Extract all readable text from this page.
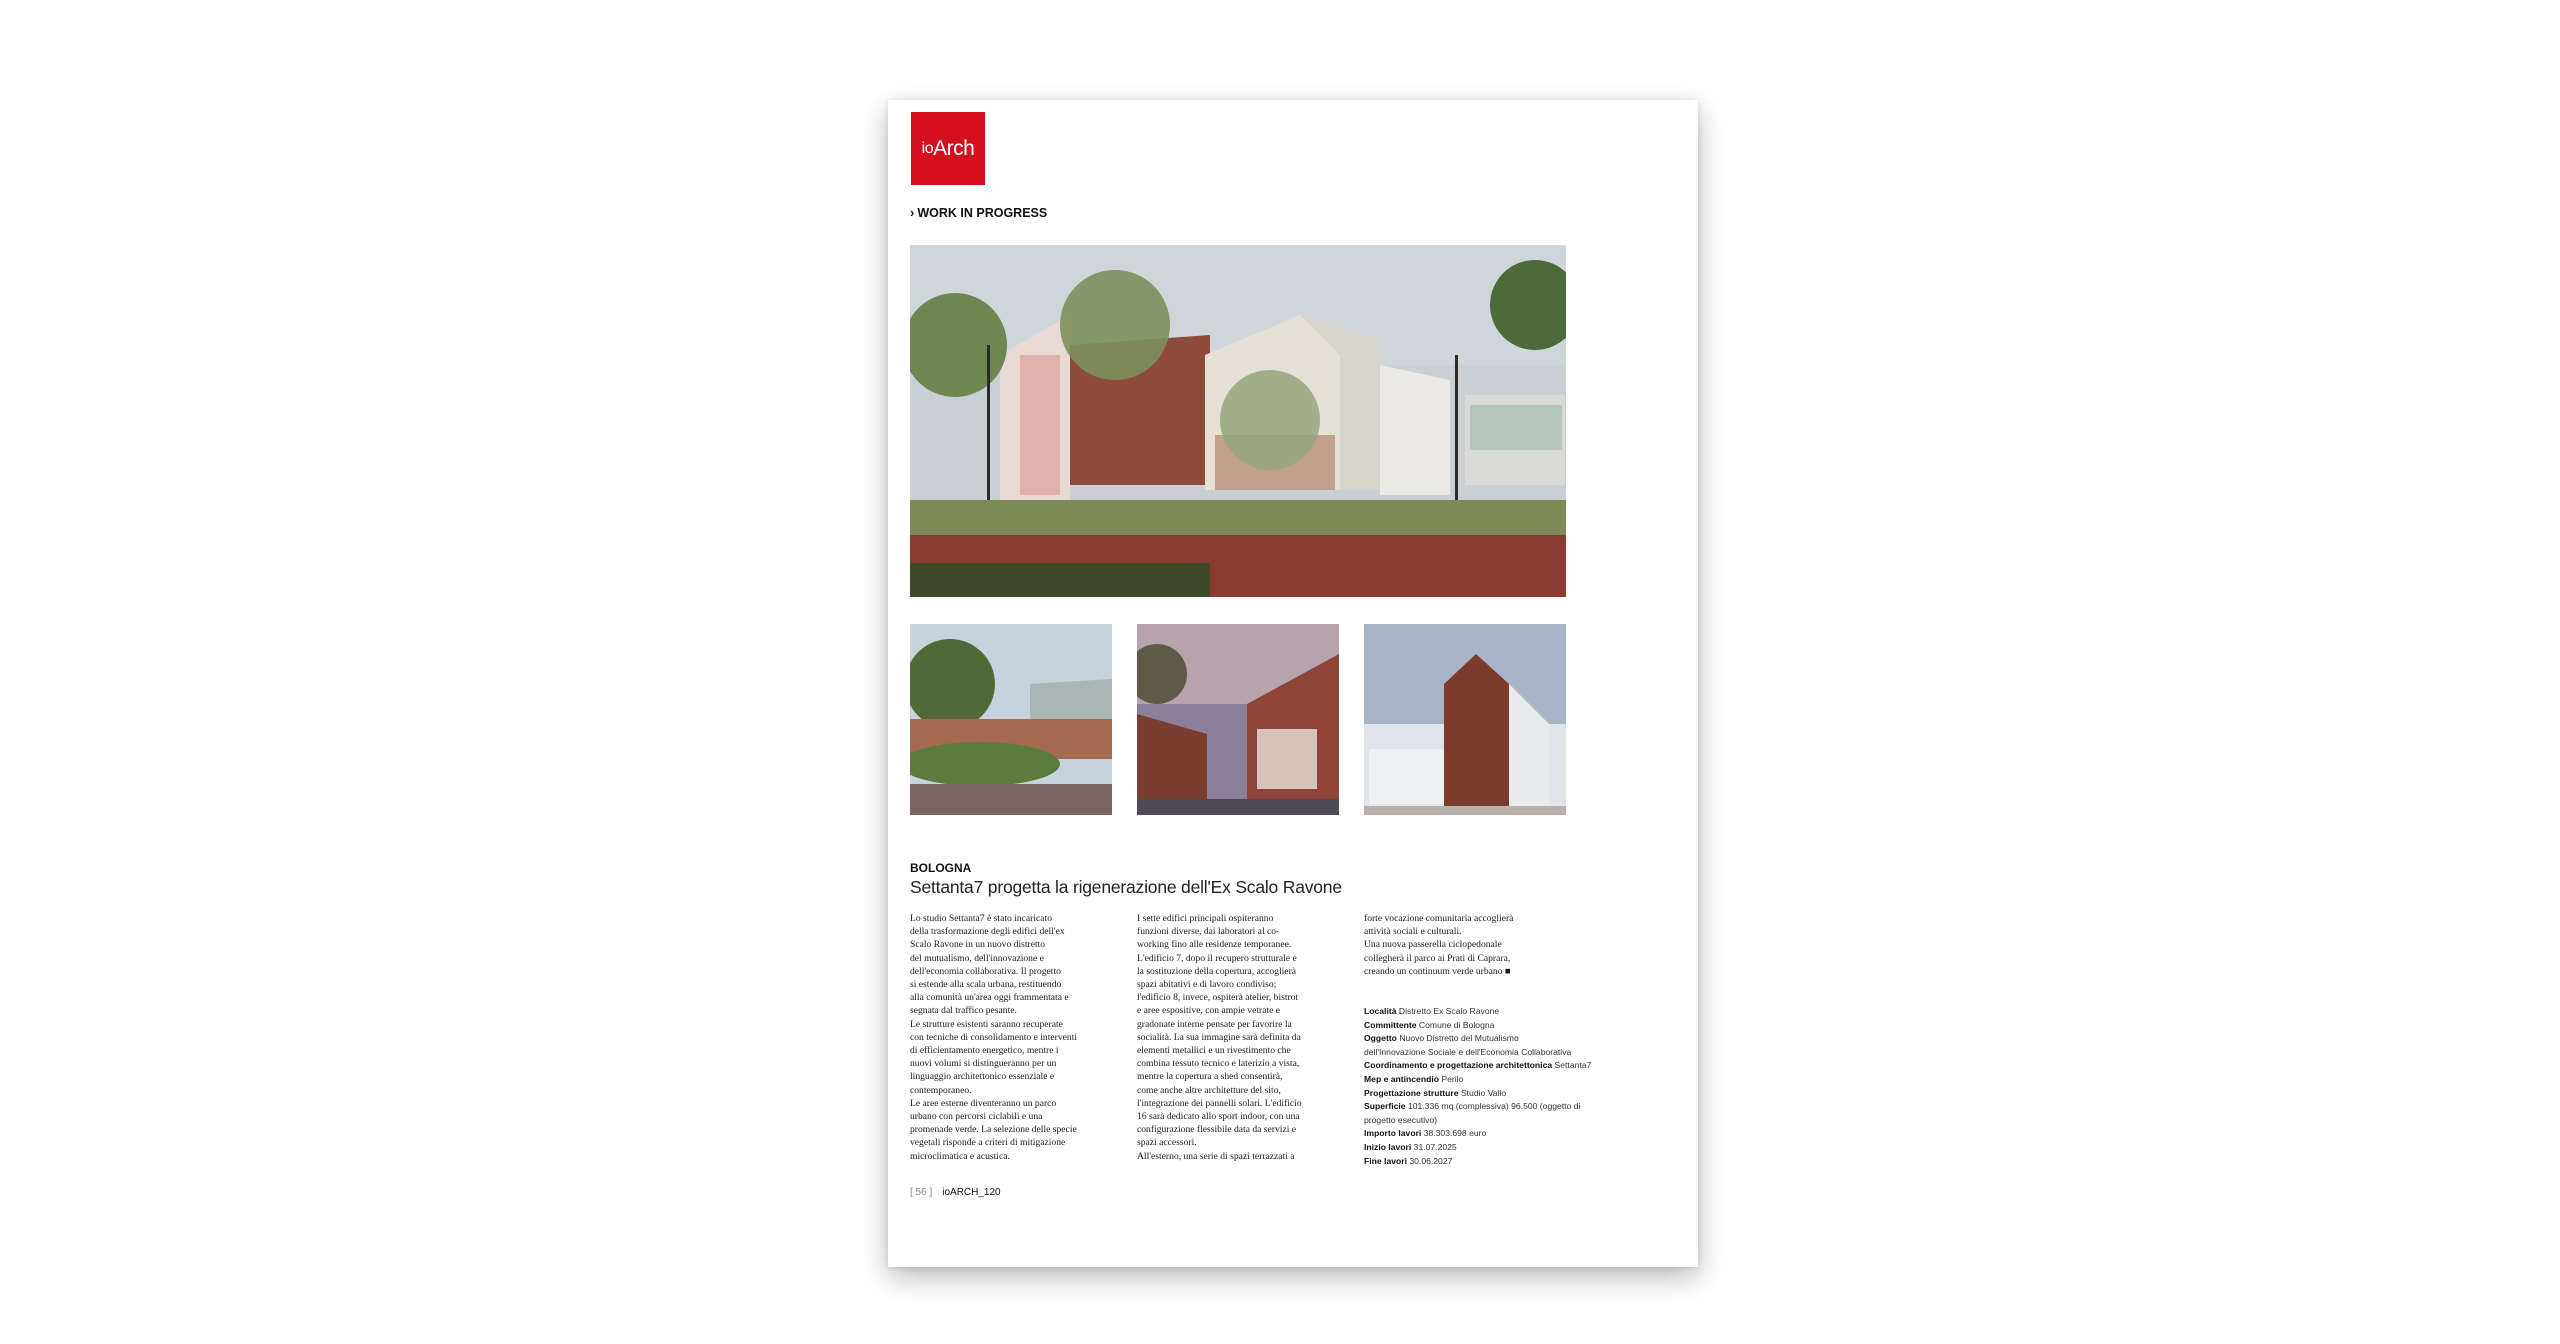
io Arch
› WORK IN PROGRESS
BOLOGNA
Settanta7 progetta la rigenerazione dell'Ex Scalo Ravone
Lo studio Settanta7 è stato incaricato
della trasformazione degli edifici dell'ex
Scalo Ravone in un nuovo distretto
del mutualismo, dell'innovazione e
dell'economia collaborativa. Il progetto
si estende alla scala urbana, restituendo
alla comunità un'area oggi frammentata e
segnata dal traffico pesante.
Le strutture esistenti saranno recuperate
con tecniche di consolidamento e interventi
di efficientamento energetico, mentre i
nuovi volumi si distingueranno per un
linguaggio architettonico essenziale e
contemporaneo.
Le aree esterne diventeranno un parco
urbano con percorsi ciclabili e una
promenade verde. La selezione delle specie
vegetali risponde a criteri di mitigazione
microclimatica e acustica.
I sette edifici principali ospiteranno
funzioni diverse, dai laboratori al co-
working fino alle residenze temporanee.
L'edificio 7, dopo il recupero strutturale e
la sostituzione della copertura, accoglierà
spazi abitativi e di lavoro condiviso;
l'edificio 8, invece, ospiterà atelier, bistrot
e aree espositive, con ampie vetrate e
gradonate interne pensate per favorire la
socialità. La sua immagine sarà definita da
elementi metallici e un rivestimento che
combina tessuto tecnico e laterizio a vista,
mentre la copertura a shed consentirà,
come anche altre architetture del sito,
l'integrazione dei pannelli solari. L'edificio
16 sarà dedicato allo sport indoor, con una
configurazione flessibile data da servizi e
spazi accessori.
All'esterno, una serie di spazi terrazzati a
forte vocazione comunitaria accoglierà
attività sociali e culturali.
Una nuova passerella ciclopedonale
collegherà il parco ai Prati di Caprara,
creando un continuum verde urbano ■
Località Distretto Ex Scalo Ravone
Committente Comune di Bologna
Oggetto Nuovo Distretto del Mutualismo
dell'Innovazione Sociale e dell'Economia Collaborativa
Coordinamento e progettazione architettonica Settanta7
Mep e antincendio Perilo
Progettazione strutture Studio Vallo
Superficie 101.336 mq (complessiva) 96.500 (oggetto di
progetto esecutivo)
Importo lavori 38.303.698 euro
Inizio lavori 31.07.2025
Fine lavori 30.06.2027
[ 56 ] ioARCH_120
